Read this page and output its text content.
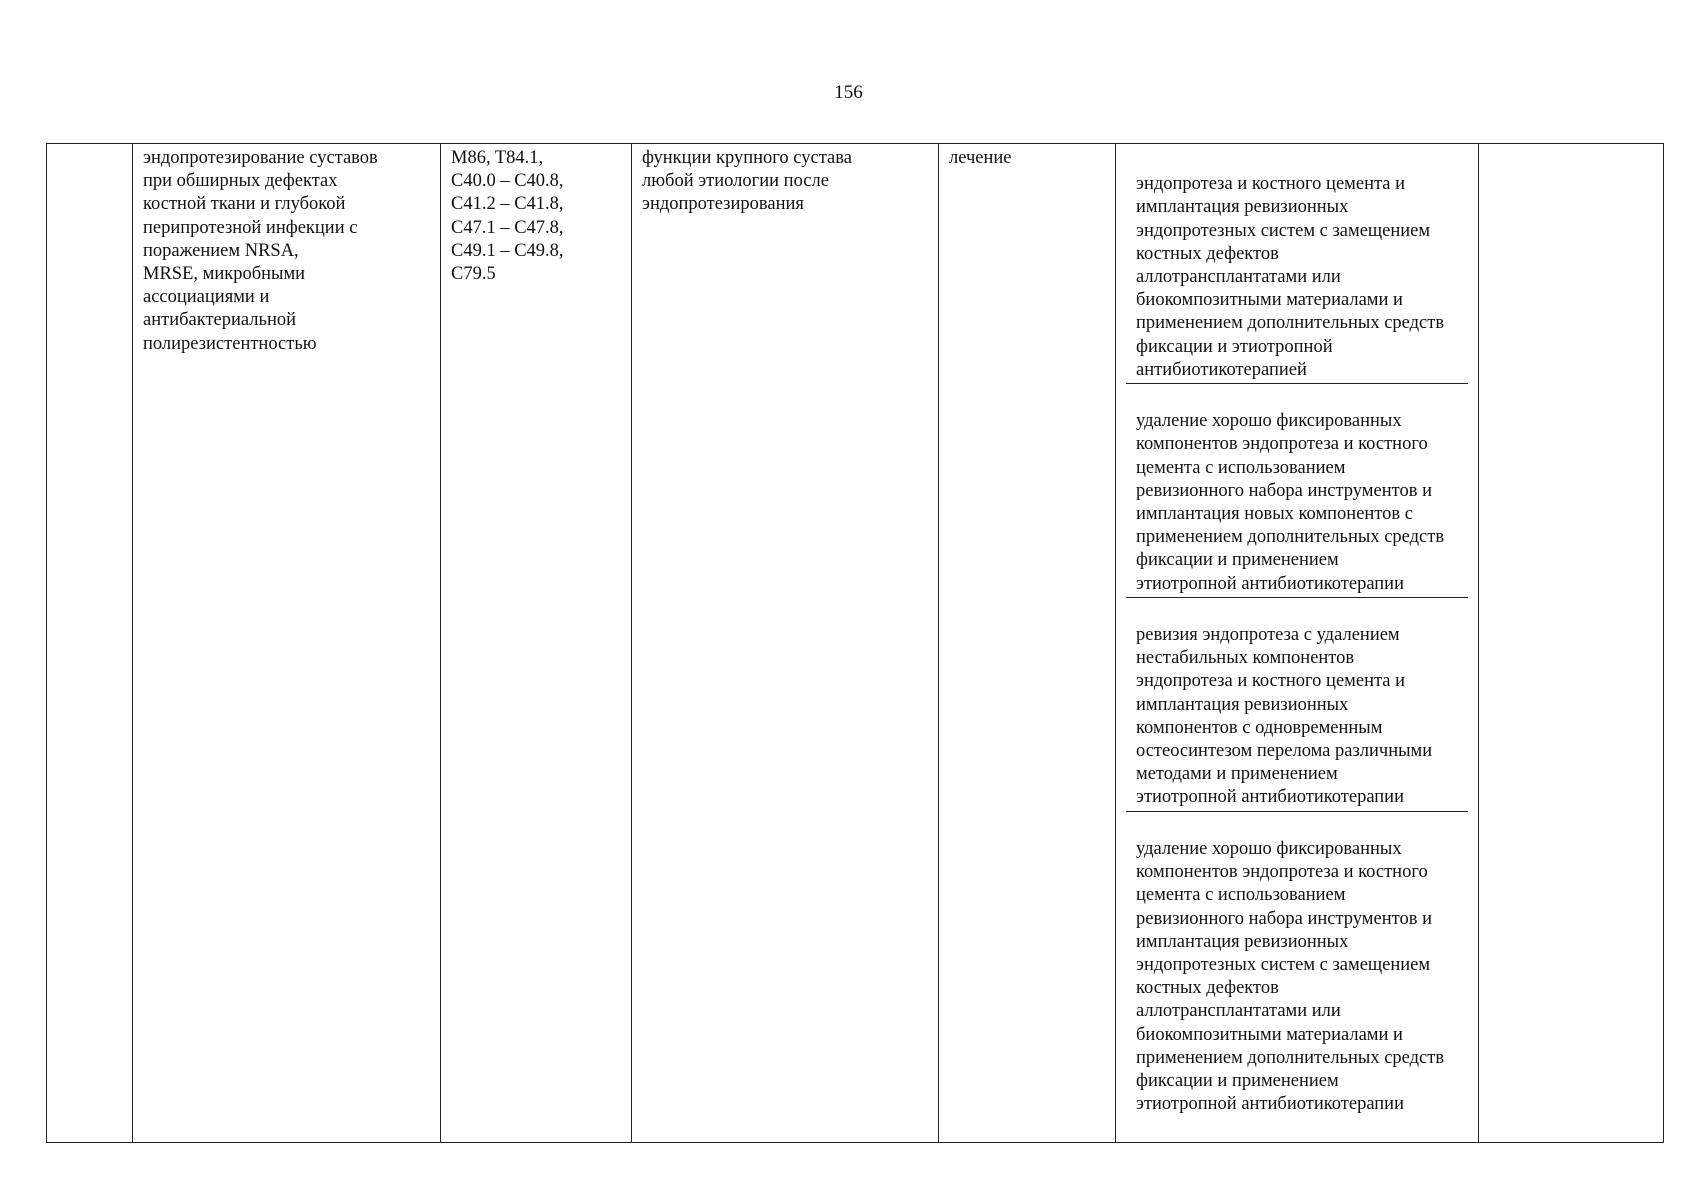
156
	эндопротезирование суставов
при обширных дефектах
костной ткани и глубокой
перипротезной инфекции с
поражением NRSA,
MRSE, микробными
ассоциациями и
антибактериальной
полирезистентностью	M86, T84.1,
C40.0 – C40.8,
C41.2 – C41.8,
C47.1 – C47.8,
C49.1 – C49.8,
C79.5	функции крупного сустава
любой этиологии после
эндопротезирования	лечение	

эндопротеза и костного цемента и
имплантация ревизионных
эндопротезных систем с замещением
костных дефектов
аллотрансплантатами или
биокомпозитными материалами и
применением дополнительных средств
фиксации и этиотропной
антибиотикотерапией

удаление хорошо фиксированных
компонентов эндопротеза и костного
цемента с использованием
ревизионного набора инструментов и
имплантация новых компонентов с
применением дополнительных средств
фиксации и применением
этиотропной антибиотикотерапии

ревизия эндопротеза с удалением
нестабильных компонентов
эндопротеза и костного цемента и
имплантация ревизионных
компонентов с одновременным
остеосинтезом перелома различными
методами и применением
этиотропной антибиотикотерапии

удаление хорошо фиксированных
компонентов эндопротеза и костного
цемента с использованием
ревизионного набора инструментов и
имплантация ревизионных
эндопротезных систем с замещением
костных дефектов
аллотрансплантатами или
биокомпозитными материалами и
применением дополнительных средств
фиксации и применением
этиотропной антибиотикотерапии
